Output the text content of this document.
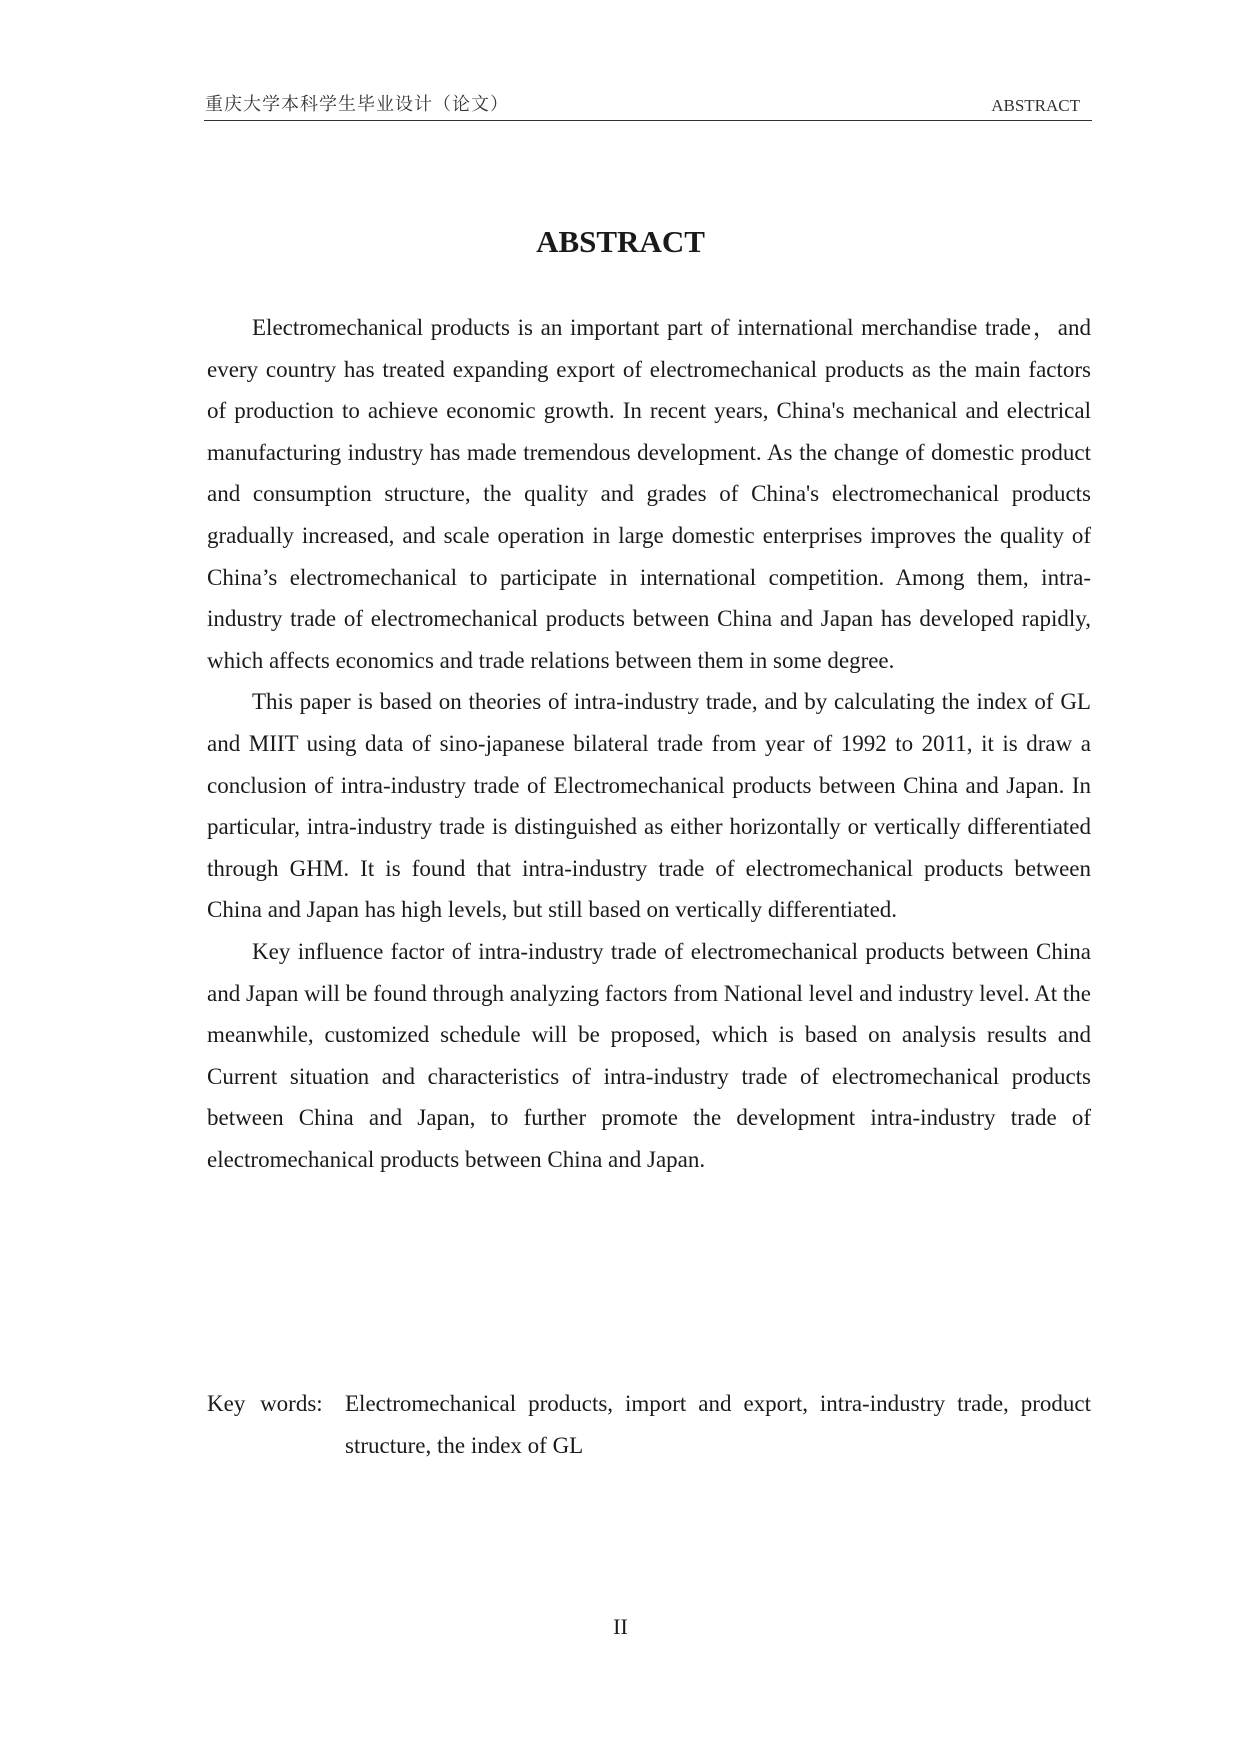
重庆大学本科学生毕业设计（论文）	ABSTRACT
ABSTRACT

Electromechanical products is an important part of international merchandise trade，and every country has treated expanding export of electromechanical products as the main factors of production to achieve economic growth. In recent years, China's mechanical and electrical manufacturing industry has made tremendous development. As the change of domestic product and consumption structure, the quality and grades of China's electromechanical products gradually increased, and scale operation in large domestic enterprises improves the quality of China’s electromechanical to participate in international competition. Among them, intra-industry trade of electromechanical products between China and Japan has developed rapidly, which affects economics and trade relations between them in some degree.

This paper is based on theories of intra-industry trade, and by calculating the index of GL and MIIT using data of sino-japanese bilateral trade from year of 1992 to 2011, it is draw a conclusion of intra-industry trade of Electromechanical products between China and Japan. In particular, intra-industry trade is distinguished as either horizontally or vertically differentiated through GHM. It is found that intra-industry trade of electromechanical products between China and Japan has high levels, but still based on vertically differentiated.

Key influence factor of intra-industry trade of electromechanical products between China and Japan will be found through analyzing factors from National level and industry level. At the meanwhile, customized schedule will be proposed, which is based on analysis results and Current situation and characteristics of intra-industry trade of electromechanical products between China and Japan, to further promote the development intra-industry trade of electromechanical products between China and Japan.

Key words: Electromechanical products, import and export, intra-industry trade, product structure, the index of GL

II
